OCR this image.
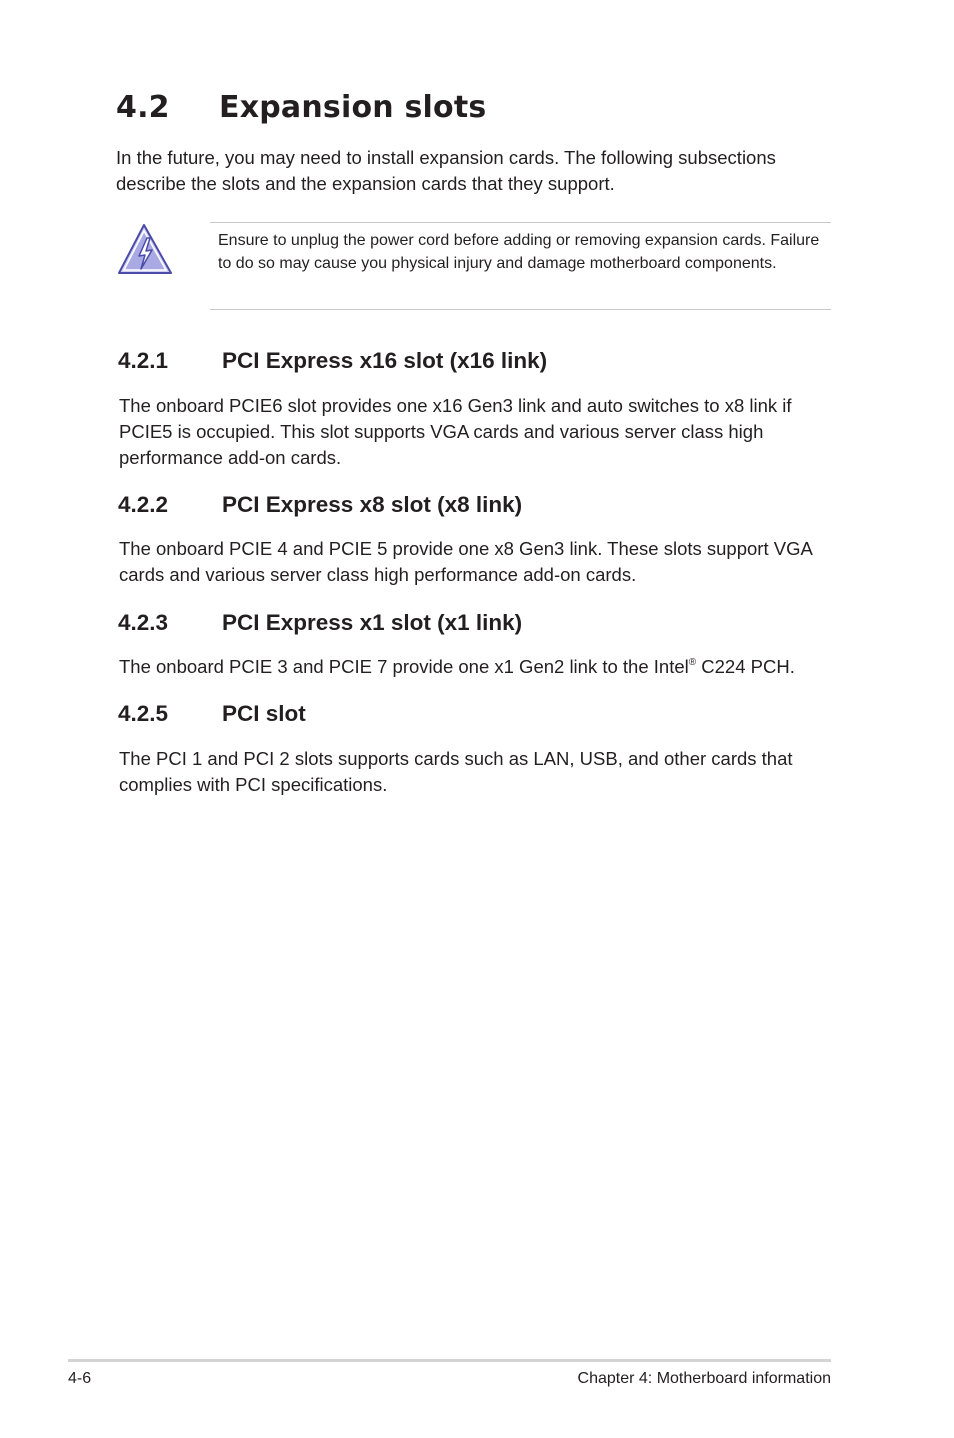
4.2 Expansion slots

In the future, you may need to install expansion cards. The following subsections describe the slots and the expansion cards that they support.

Ensure to unplug the power cord before adding or removing expansion cards. Failure to do so may cause you physical injury and damage motherboard components.

4.2.1 PCI Express x16 slot (x16 link)

The onboard PCIE6 slot provides one x16 Gen3 link and auto switches to x8 link if PCIE5 is occupied. This slot supports VGA cards and various server class high performance add-on cards.

4.2.2 PCI Express x8 slot (x8 link)

The onboard PCIE 4 and PCIE 5 provide one x8 Gen3 link. These slots support VGA cards and various server class high performance add-on cards.

4.2.3 PCI Express x1 slot (x1 link)

The onboard PCIE 3 and PCIE 7 provide one x1 Gen2 link to the Intel® C224 PCH.

4.2.5 PCI slot

The PCI 1 and PCI 2 slots supports cards such as LAN, USB, and other cards that complies with PCI specifications.

4-6	Chapter 4: Motherboard information
